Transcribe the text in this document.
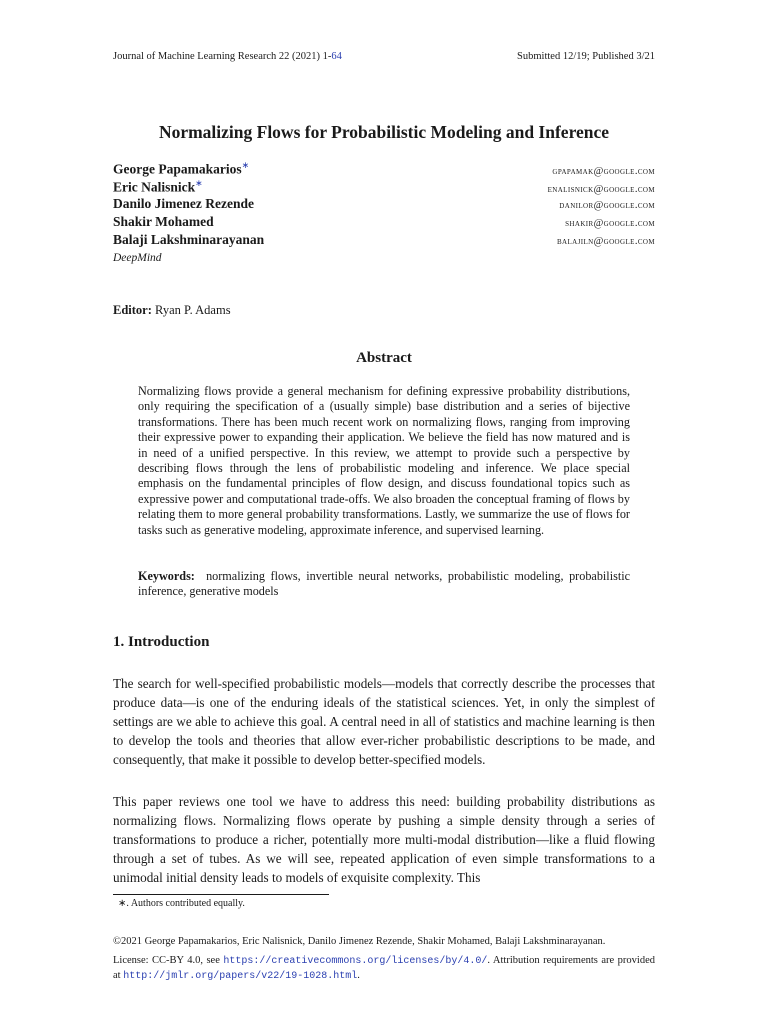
Journal of Machine Learning Research 22 (2021) 1-64	Submitted 12/19; Published 3/21
Normalizing Flows for Probabilistic Modeling and Inference
George Papamakarios∗
gpapamak@google.com
Eric Nalisnick∗
enalisnick@google.com
Danilo Jimenez Rezende	danilor@google.com
Shakir Mohamed	shakir@google.com
Balaji Lakshminarayanan	balajiln@google.com
DeepMind
Editor: Ryan P. Adams
Abstract
Normalizing flows provide a general mechanism for defining expressive probability distributions, only requiring the specification of a (usually simple) base distribution and a series of bijective transformations. There has been much recent work on normalizing flows, ranging from improving their expressive power to expanding their application. We believe the field has now matured and is in need of a unified perspective. In this review, we attempt to provide such a perspective by describing flows through the lens of probabilistic modeling and inference. We place special emphasis on the fundamental principles of flow design, and discuss foundational topics such as expressive power and computational trade-offs. We also broaden the conceptual framing of flows by relating them to more general probability transformations. Lastly, we summarize the use of flows for tasks such as generative modeling, approximate inference, and supervised learning.
Keywords: normalizing flows, invertible neural networks, probabilistic modeling, probabilistic inference, generative models
1. Introduction
The search for well-specified probabilistic models—models that correctly describe the processes that produce data—is one of the enduring ideals of the statistical sciences. Yet, in only the simplest of settings are we able to achieve this goal. A central need in all of statistics and machine learning is then to develop the tools and theories that allow ever-richer probabilistic descriptions to be made, and consequently, that make it possible to develop better-specified models.
This paper reviews one tool we have to address this need: building probability distributions as normalizing flows. Normalizing flows operate by pushing a simple density through a series of transformations to produce a richer, potentially more multi-modal distribution—like a fluid flowing through a set of tubes. As we will see, repeated application of even simple transformations to a unimodal initial density leads to models of exquisite complexity. This
∗. Authors contributed equally.
©2021 George Papamakarios, Eric Nalisnick, Danilo Jimenez Rezende, Shakir Mohamed, Balaji Lakshminarayanan.
License: CC-BY 4.0, see https://creativecommons.org/licenses/by/4.0/. Attribution requirements are provided at http://jmlr.org/papers/v22/19-1028.html.
